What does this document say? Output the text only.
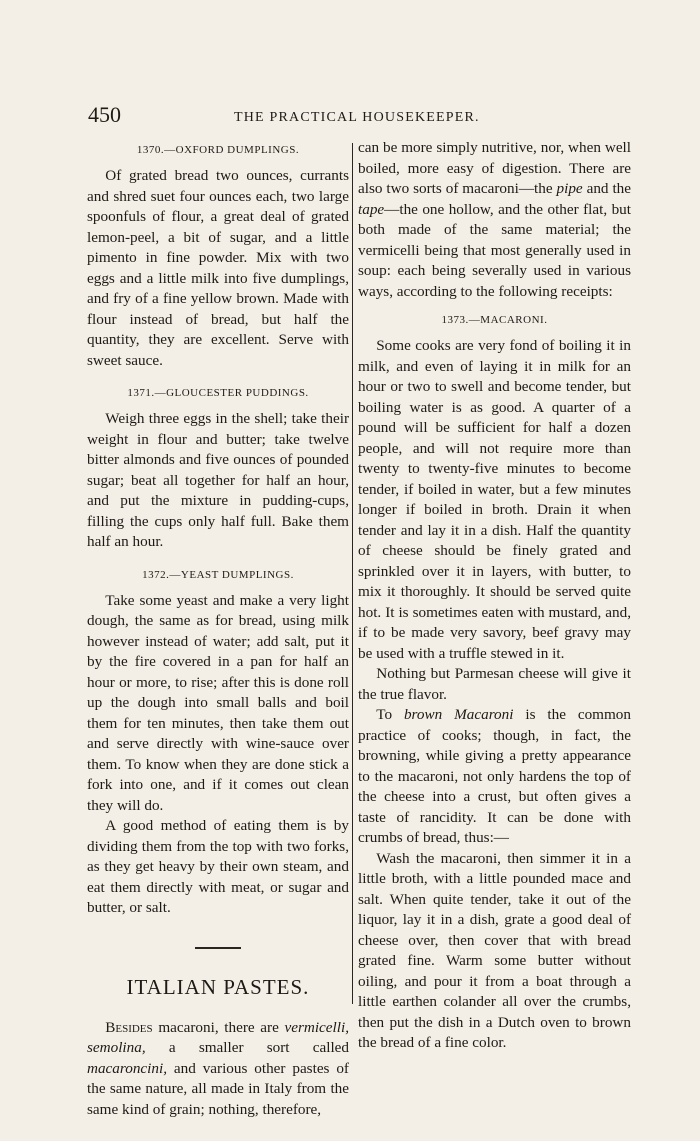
450	THE PRACTICAL HOUSEKEEPER.
1370.—OXFORD DUMPLINGS.

Of grated bread two ounces, currants and shred suet four ounces each, two large spoonfuls of flour, a great deal of grated lemon-peel, a bit of sugar, and a little pimento in fine powder. Mix with two eggs and a little milk into five dumplings, and fry of a fine yellow brown. Made with flour instead of bread, but half the quantity, they are excellent. Serve with sweet sauce.

1371.—GLOUCESTER PUDDINGS.

Weigh three eggs in the shell; take their weight in flour and butter; take twelve bitter almonds and five ounces of pounded sugar; beat all together for half an hour, and put the mixture in pudding-cups, filling the cups only half full. Bake them half an hour.

1372.—YEAST DUMPLINGS.

Take some yeast and make a very light dough, the same as for bread, using milk however instead of water; add salt, put it by the fire covered in a pan for half an hour or more, to rise; after this is done roll up the dough into small balls and boil them for ten minutes, then take them out and serve directly with wine-sauce over them. To know when they are done stick a fork into one, and if it comes out clean they will do.

A good method of eating them is by dividing them from the top with two forks, as they get heavy by their own steam, and eat them directly with meat, or sugar and butter, or salt.

ITALIAN PASTES.

Besides macaroni, there are vermicelli, semolina, a smaller sort called macaroncini, and various other pastes of the same nature, all made in Italy from the same kind of grain; nothing, therefore,

can be more simply nutritive, nor, when well boiled, more easy of digestion. There are also two sorts of macaroni—the pipe and the tape—the one hollow, and the other flat, but both made of the same material; the vermicelli being that most generally used in soup: each being severally used in various ways, according to the following receipts:

1373.—MACARONI.

Some cooks are very fond of boiling it in milk, and even of laying it in milk for an hour or two to swell and become tender, but boiling water is as good. A quarter of a pound will be sufficient for half a dozen people, and will not require more than twenty to twenty-five minutes to become tender, if boiled in water, but a few minutes longer if boiled in broth. Drain it when tender and lay it in a dish. Half the quantity of cheese should be finely grated and sprinkled over it in layers, with butter, to mix it thoroughly. It should be served quite hot. It is sometimes eaten with mustard, and, if to be made very savory, beef gravy may be used with a truffle stewed in it.

Nothing but Parmesan cheese will give it the true flavor.

To brown Macaroni is the common practice of cooks; though, in fact, the browning, while giving a pretty appearance to the macaroni, not only hardens the top of the cheese into a crust, but often gives a taste of rancidity. It can be done with crumbs of bread, thus:—

Wash the macaroni, then simmer it in a little broth, with a little pounded mace and salt. When quite tender, take it out of the liquor, lay it in a dish, grate a good deal of cheese over, then cover that with bread grated fine. Warm some butter without oiling, and pour it from a boat through a little earthen colander all over the crumbs, then put the dish in a Dutch oven to brown the bread of a fine color.
